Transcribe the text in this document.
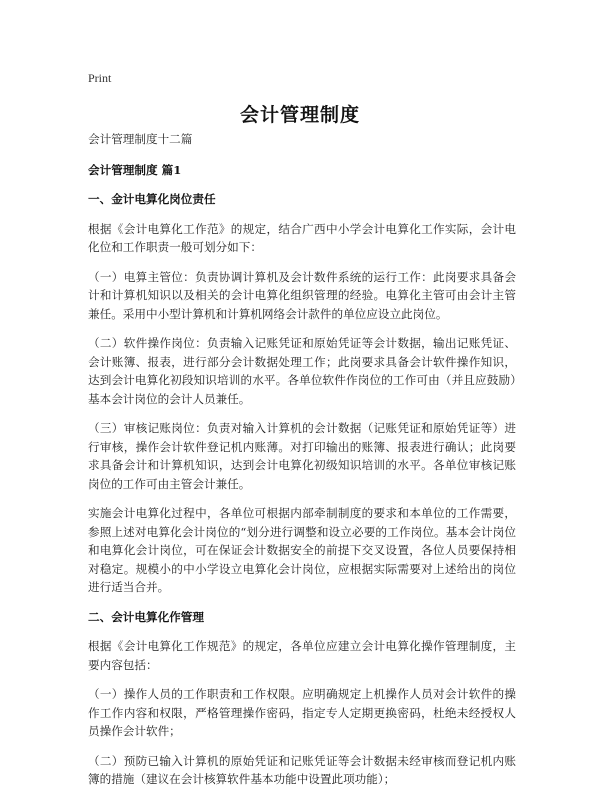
Print
会计管理制度

会计管理制度十二篇

会计管理制度 篇1

一、金计电算化岗位责任

根据《会计电算化工作范》的规定，结合广西中小学会计电算化工作实际，会计电化位和工作职责一般可划分如下：

（一）电算主管位：负责协调计算机及会计数件系统的运行工作：此岗要求具备会计和计算机知识以及相关的会计电算化组织管理的经验。电算化主管可由会计主管兼任。采用中小型计算机和计算机网络会计款件的单位应设立此岗位。

（二）软件操作岗位：负责输入记账凭证和原始凭证等会计数据，输出记账凭证、会计账簿、报表，进行部分会计数据处理工作；此岗要求具备会计软件操作知识，达到会计电算化初段知识培训的水平。各单位软件作岗位的工作可由（并且应鼓励）基本会计岗位的会计人员兼任。

（三）审核记账岗位：负责对输入计算机的会计数据（记账凭证和原始凭证等）进行审核，操作会计软件登记机内账薄。对打印输出的账簿、报表进行确认；此岗要求具备会计和计算机知识，达到会计电算化初级知识培训的水平。各单位审核记账岗位的工作可由主管会计兼任。

实施会计电算化过程中，各单位可根据内部牵制制度的要求和本单位的工作需要，参照上述对电算化会计岗位的“划分进行调整和设立必要的工作岗位。基本会计岗位和电算化会计岗位，可在保证会计数据安全的前提下交叉设置，各位人员要保持相对稳定。规模小的中小学设立电算化会计岗位，应根据实际需要对上述给出的岗位进行适当合并。

二、会计电算化作管理

根据《会计电算化工作规范》的规定，各单位应建立会计电算化操作管理制度，主要内容包括：

（一）操作人员的工作职责和工作权限。应明确规定上机操作人员对会计软件的操作工作内容和权限，严格管理操作密码，指定专人定期更换密码，杜绝未经授权人员操作会计软件；

（二）预防已输入计算机的原始凭证和记账凭证等会计数据未经审核而登记机内账簿的措施（建议在会计核算软件基本功能中设置此项功能）；
